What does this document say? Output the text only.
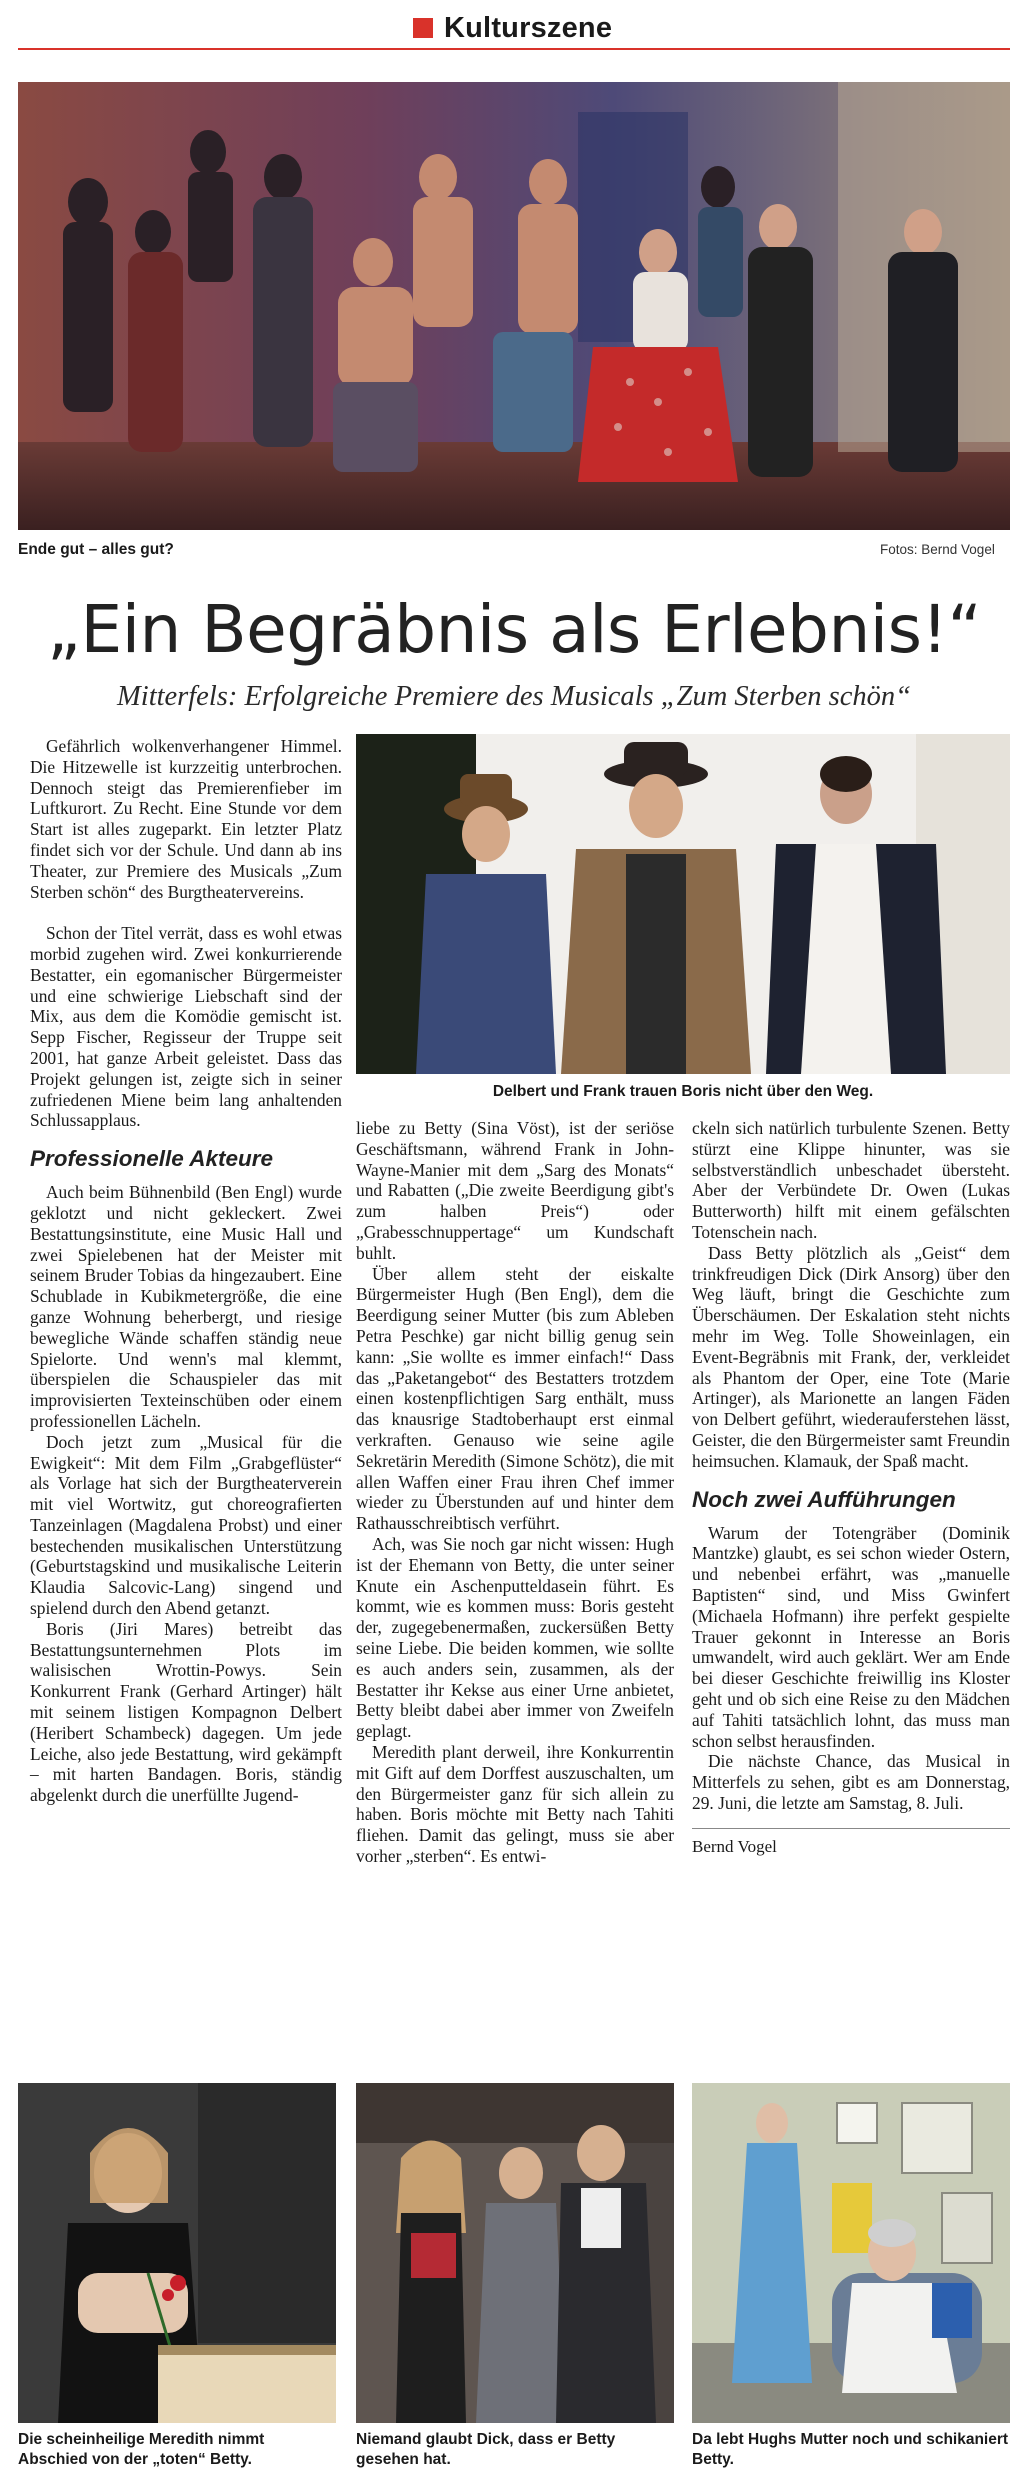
Kulturszene
Ende gut – alles gut?	Fotos: Bernd Vogel
„Ein Begräbnis als Erlebnis!“
Mitterfels: Erfolgreiche Premiere des Musicals „Zum Sterben schön“
Delbert und Frank trauen Boris nicht über den Weg.

Gefährlich wolkenverhangener Himmel. Die Hitzewelle ist kurzzeitig unterbrochen. Dennoch steigt das Premierenfieber im Luftkurort. Zu Recht. Eine Stunde vor dem Start ist alles zugeparkt. Ein letzter Platz findet sich vor der Schule. Und dann ab ins Theater, zur Premiere des Musicals „Zum Sterben schön“ des Burgtheatervereins.

Schon der Titel verrät, dass es wohl etwas morbid zugehen wird. Zwei konkurrierende Bestatter, ein egomanischer Bürgermeister und eine schwierige Liebschaft sind der Mix, aus dem die Komödie gemischt ist. Sepp Fischer, Regisseur der Truppe seit 2001, hat ganze Arbeit geleistet. Dass das Projekt gelungen ist, zeigte sich in seiner zufriedenen Miene beim lang anhaltenden Schlussapplaus.

Professionelle Akteure

Auch beim Bühnenbild (Ben Engl) wurde geklotzt und nicht gekleckert. Zwei Bestattungsinstitute, eine Music Hall und zwei Spielebenen hat der Meister mit seinem Bruder Tobias da hingezaubert. Eine Schublade in Kubikmetergröße, die eine ganze Wohnung beherbergt, und riesige bewegliche Wände schaffen ständig neue Spielorte. Und wenn's mal klemmt, überspielen die Schauspieler das mit improvisierten Texteinschüben oder einem professionellen Lächeln.

Doch jetzt zum „Musical für die Ewigkeit“: Mit dem Film „Grabgeflüster“ als Vorlage hat sich der Burgtheaterverein mit viel Wortwitz, gut choreografierten Tanzeinlagen (Magdalena Probst) und einer bestechenden musikalischen Unterstützung (Geburtstagskind und musikalische Leiterin Klaudia Salcovic-Lang) singend und spielend durch den Abend getanzt.

Boris (Jiri Mares) betreibt das Bestattungsunternehmen Plots im walisischen Wrottin-Powys. Sein Konkurrent Frank (Gerhard Artinger) hält mit seinem listigen Kompagnon Delbert (Heribert Schambeck) dagegen. Um jede Leiche, also jede Bestattung, wird gekämpft – mit harten Bandagen. Boris, ständig abgelenkt durch die unerfüllte Jugend-

liebe zu Betty (Sina Vöst), ist der seriöse Geschäftsmann, während Frank in John-Wayne-Manier mit dem „Sarg des Monats“ und Rabatten („Die zweite Beerdigung gibt's zum halben Preis“) oder „Grabesschnuppertage“ um Kundschaft buhlt.

Über allem steht der eiskalte Bürgermeister Hugh (Ben Engl), dem die Beerdigung seiner Mutter (bis zum Ableben Petra Peschke) gar nicht billig genug sein kann: „Sie wollte es immer einfach!“ Dass das „Paketangebot“ des Bestatters trotzdem einen kostenpflichtigen Sarg enthält, muss das knausrige Stadtoberhaupt erst einmal verkraften. Genauso wie seine agile Sekretärin Meredith (Simone Schötz), die mit allen Waffen einer Frau ihren Chef immer wieder zu Überstunden auf und hinter dem Rathausschreibtisch verführt.

Ach, was Sie noch gar nicht wissen: Hugh ist der Ehemann von Betty, die unter seiner Knute ein Aschenputteldasein führt. Es kommt, wie es kommen muss: Boris gesteht der, zugegebenermaßen, zuckersüßen Betty seine Liebe. Die beiden kommen, wie sollte es auch anders sein, zusammen, als der Bestatter ihr Kekse aus einer Urne anbietet, Betty bleibt dabei aber immer von Zweifeln geplagt.

Meredith plant derweil, ihre Konkurrentin mit Gift auf dem Dorffest auszuschalten, um den Bürgermeister ganz für sich allein zu haben. Boris möchte mit Betty nach Tahiti fliehen. Damit das gelingt, muss sie aber vorher „sterben“. Es entwi-

ckeln sich natürlich turbulente Szenen. Betty stürzt eine Klippe hinunter, was sie selbstverständlich unbeschadet übersteht. Aber der Verbündete Dr. Owen (Lukas Butterworth) hilft mit einem gefälschten Totenschein nach.

Dass Betty plötzlich als „Geist“ dem trinkfreudigen Dick (Dirk Ansorg) über den Weg läuft, bringt die Geschichte zum Überschäumen. Der Eskalation steht nichts mehr im Weg. Tolle Showeinlagen, ein Event-Begräbnis mit Frank, der, verkleidet als Phantom der Oper, eine Tote (Marie Artinger), als Marionette an langen Fäden von Delbert geführt, wiederauferstehen lässt, Geister, die den Bürgermeister samt Freundin heimsuchen. Klamauk, der Spaß macht.

Noch zwei Aufführungen

Warum der Totengräber (Dominik Mantzke) glaubt, es sei schon wieder Ostern, und nebenbei erfährt, was „manuelle Baptisten“ sind, und Miss Gwinfert (Michaela Hofmann) ihre perfekt gespielte Trauer gekonnt in Interesse an Boris umwandelt, wird auch geklärt. Wer am Ende bei dieser Geschichte freiwillig ins Kloster geht und ob sich eine Reise zu den Mädchen auf Tahiti tatsächlich lohnt, das muss man schon selbst herausfinden.

Die nächste Chance, das Musical in Mitterfels zu sehen, gibt es am Donnerstag, 29. Juni, die letzte am Samstag, 8. Juli.

Bernd Vogel
Die scheinheilige Meredith nimmt Abschied von der „toten“ Betty.
Niemand glaubt Dick, dass er Betty gesehen hat.
Da lebt Hughs Mutter noch und schikaniert Betty.
